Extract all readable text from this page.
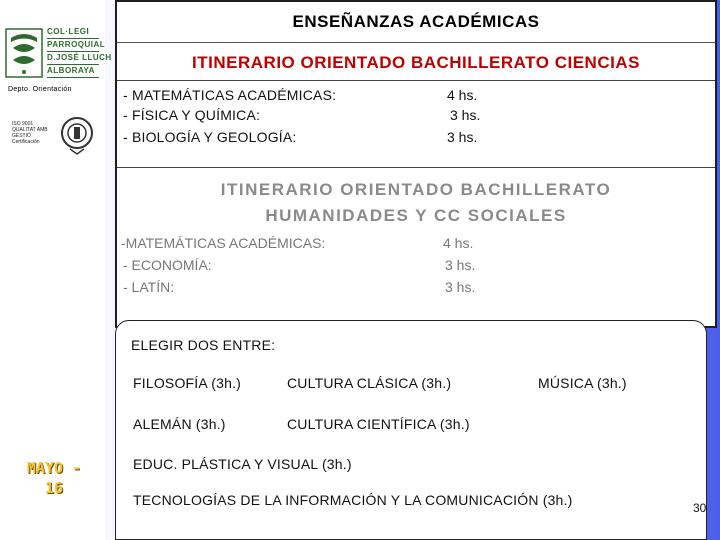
COL·LEGI
PARROQUIAL
D.JOSÉ LLUCH
ALBORAYA
Depto. Orientación
ISO 9001 QUALITAT AMB GESTIÓ Certificación
MAYO -
16
ENSEÑANZAS ACADÉMICAS
ITINERARIO ORIENTADO BACHILLERATO CIENCIAS
- MATEMÁTICAS ACADÉMICAS:	4 hs.
- FÍSICA Y QUÍMICA:	3 hs.
- BIOLOGÍA Y GEOLOGÍA:	3 hs.
ITINERARIO ORIENTADO BACHILLERATO
HUMANIDADES Y CC SOCIALES
-MATEMÁTICAS ACADÉMICAS:	4 hs.
- ECONOMÍA:	3 hs.
- LATÍN:	3 hs.
ELEGIR DOS ENTRE:
FILOSOFÍA (3h.)	CULTURA CLÁSICA (3h.)	MÚSICA (3h.)
ALEMÁN (3h.)	CULTURA CIENTÍFICA (3h.)
EDUC. PLÁSTICA Y VISUAL (3h.)
TECNOLOGÍAS DE LA INFORMACIÓN Y LA COMUNICACIÓN (3h.)	30
